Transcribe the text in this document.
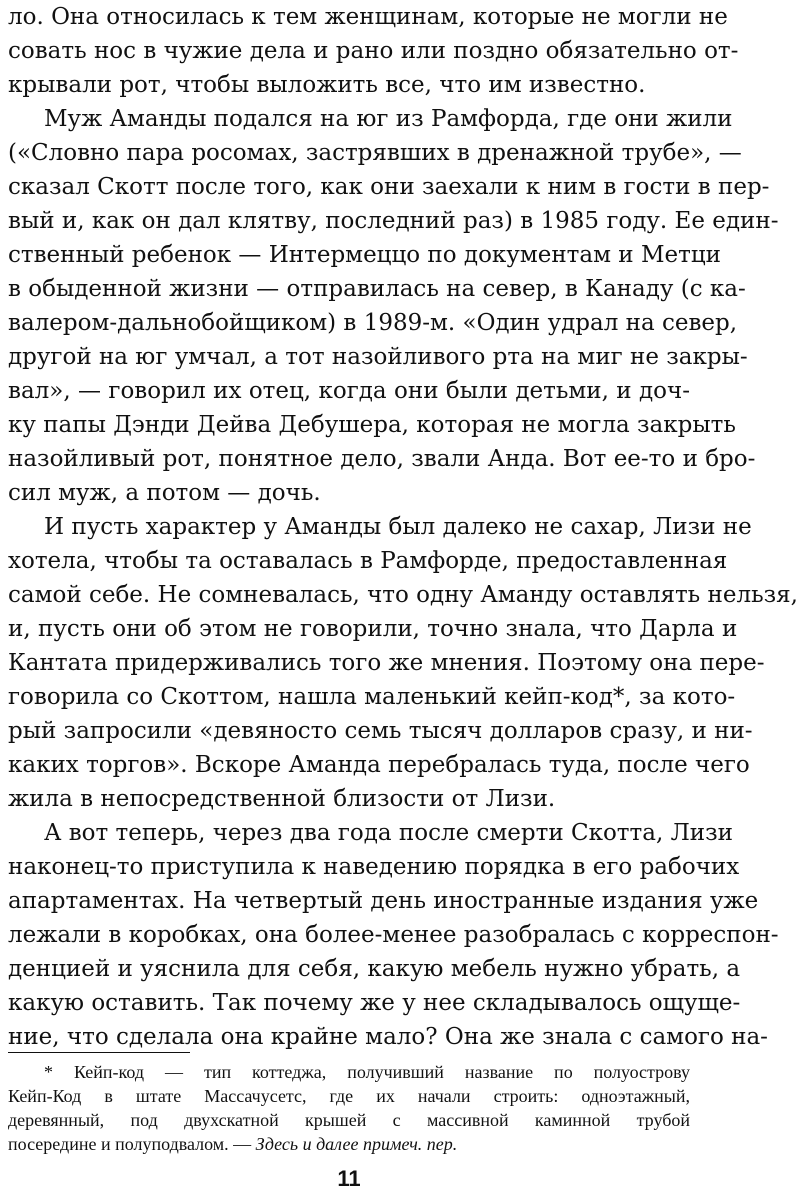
ло. Она относилась к тем женщинам, которые не могли не
совать нос в чужие дела и рано или поздно обязательно от-
крывали рот, чтобы выложить все, что им известно.
Муж Аманды подался на юг из Рамфорда, где они жили
(«Словно пара росомах, застрявших в дренажной трубе», —
сказал Скотт после того, как они заехали к ним в гости в пер-
вый и, как он дал клятву, последний раз) в 1985 году. Ее един-
ственный ребенок — Интермеццо по документам и Метци
в обыденной жизни — отправилась на север, в Канаду (с ка-
валером-дальнобойщиком) в 1989-м. «Один удрал на север,
другой на юг умчал, а тот назойливого рта на миг не закры-
вал», — говорил их отец, когда они были детьми, и доч-
ку папы Дэнди Дейва Дебушера, которая не могла закрыть
назойливый рот, понятное дело, звали Анда. Вот ее-то и бро-
сил муж, а потом — дочь.
И пусть характер у Аманды был далеко не сахар, Лизи не
хотела, чтобы та оставалась в Рамфорде, предоставленная
самой себе. Не сомневалась, что одну Аманду оставлять нельзя,
и, пусть они об этом не говорили, точно знала, что Дарла и
Кантата придерживались того же мнения. Поэтому она пере-
говорила со Скоттом, нашла маленький кейп-код*, за кото-
рый запросили «девяносто семь тысяч долларов сразу, и ни-
каких торгов». Вскоре Аманда перебралась туда, после чего
жила в непосредственной близости от Лизи.
А вот теперь, через два года после смерти Скотта, Лизи
наконец-то приступила к наведению порядка в его рабочих
апартаментах. На четвертый день иностранные издания уже
лежали в коробках, она более-менее разобралась с корреспон-
денцией и уяснила для себя, какую мебель нужно убрать, а
какую оставить. Так почему же у нее складывалось ощуще-
ние, что сделала она крайне мало? Она же знала с самого на-
* Кейп-код — тип коттеджа, получивший название по полуострову
Кейп-Код в штате Массачусетс, где их начали строить: одноэтажный,
деревянный, под двухскатной крышей с массивной каминной трубой
посередине и полуподвалом. — Здесь и далее примеч. пер.
11
